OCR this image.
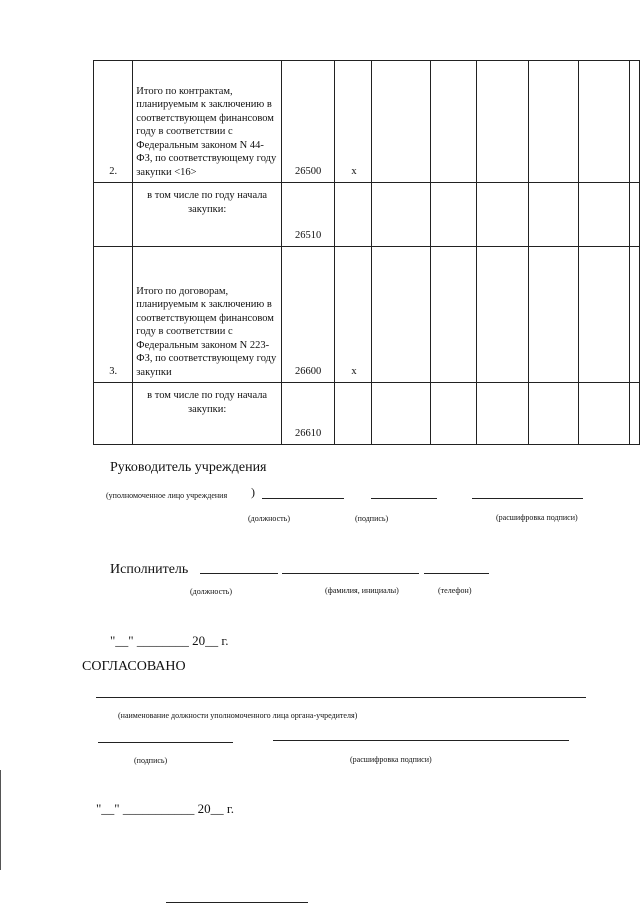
2.	Итого по контрактам, планируемым к заключению в соответствующем финансовом году в соответствии с Федеральным законом N 44-ФЗ, по соответствующему году закупки <16>	26500	x						
	в том числе по году начала закупки:	26510							
3.	Итого по договорам, планируемым к заключению в соответствующем финансовом году в соответствии с Федеральным законом N 223-ФЗ, по соответствующему году закупки	26600	x						
	в том числе по году начала закупки:	26610							
Руководитель учреждения
(уполномоченное лицо учреждения )
(должность)	(подпись)	(расшифровка подписи)
Исполнитель
(должность)	(фамилия, инициалы)	(телефон)
"__" ________ 20__ г.
СОГЛАСОВАНО
(наименование должности уполномоченного лица органа-учредителя)
(подпись)	(расшифровка подписи)
"__" ___________ 20__ г.
